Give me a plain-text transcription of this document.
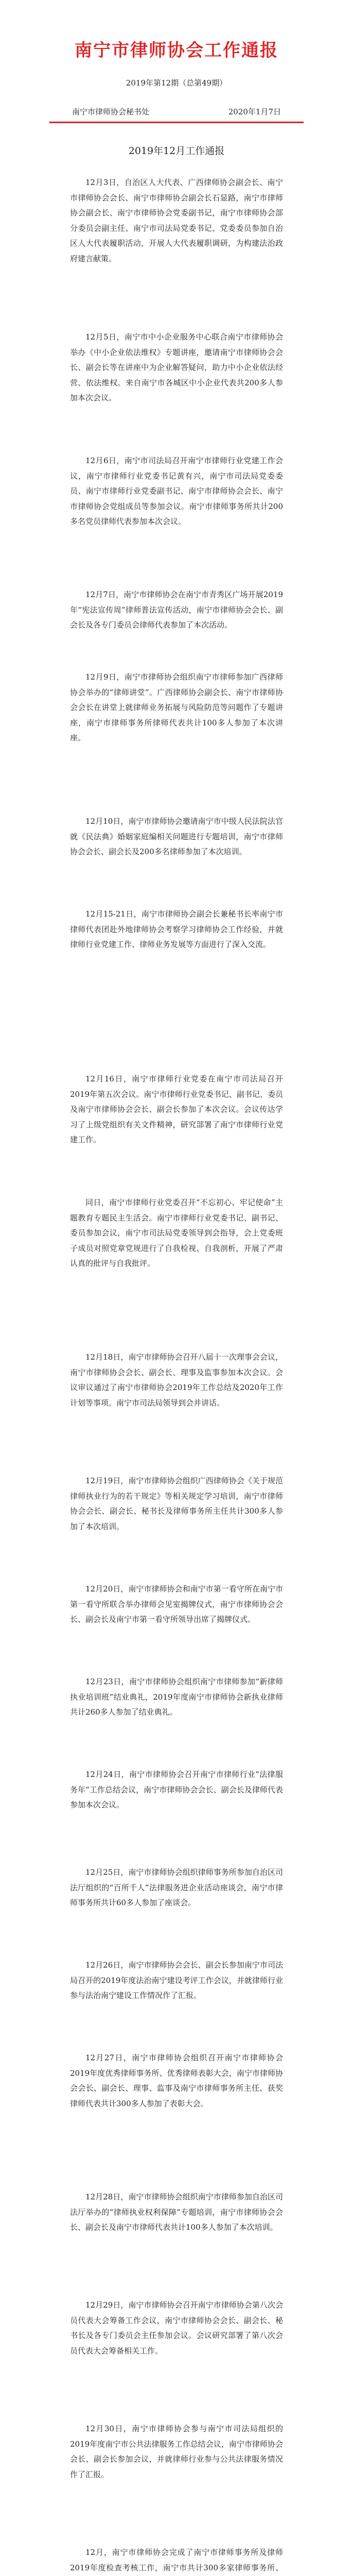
南宁市律师协会工作通报
2019年第12期（总第49期）
南宁市律师协会秘书处	2020年1月7日
2019年12月工作通报
12月3日，自治区人大代表、广西律师协会副会长、南宁市律师协会会长、南宁市律师协会副会长石显路，南宁市律师协会副会长、南宁市律师协会党委副书记，南宁市律师协会部分委员会副主任、南宁市司法局党委书记、党委委员参加自治区人大代表履职活动，开展人大代表履职调研，为构建法治政府建言献策。
12月5日，南宁市中小企业服务中心联合南宁市律师协会举办《中小企业依法维权》专题讲座，邀请南宁市律师协会会长、副会长等在讲座中为企业解答疑问，助力中小企业依法经营、依法维权。来自南宁市各城区中小企业代表共200多人参加本次会议。
12月6日，南宁市司法局召开南宁市律师行业党建工作会议，南宁市律师行业党委书记黄有兴，南宁市司法局党委委员、南宁市律师行业党委副书记、南宁市律师协会会长、南宁市律师协会党组成员等参加会议。南宁市律师事务所共计200多名党员律师代表参加本次会议。
12月7日，南宁市律师协会在南宁市青秀区广场开展2019年“宪法宣传周”律师普法宣传活动，南宁市律师协会会长、副会长及各专门委员会律师代表参加了本次活动。
12月9日，南宁市律师协会组织南宁市律师参加广西律师协会举办的“律师讲堂”。广西律师协会副会长、南宁市律师协会会长在讲堂上就律师业务拓展与风险防范等问题作了专题讲座，南宁市律师事务所律师代表共计100多人参加了本次讲座。
12月10日，南宁市律师协会邀请南宁市中级人民法院法官就《民法典》婚姻家庭编相关问题进行专题培训，南宁市律师协会会长、副会长及200多名律师参加了本次培训。
12月15-21日，南宁市律师协会副会长兼秘书长率南宁市律师代表团赴外地律师协会考察学习律师协会工作经验，并就律师行业党建工作、律师业务发展等方面进行了深入交流。
12月16日，南宁市律师行业党委在南宁市司法局召开2019年第五次会议。南宁市律师行业党委书记、副书记、委员及南宁市律师协会会长、副会长参加了本次会议。会议传达学习了上级党组织有关文件精神，研究部署了南宁市律师行业党建工作。
同日，南宁市律师行业党委召开“不忘初心、牢记使命”主题教育专题民主生活会。南宁市律师行业党委书记、副书记、委员参加会议，南宁市司法局党委领导到会指导，会上党委班子成员对照党章党规进行了自我检视、自我剖析，开展了严肃认真的批评与自我批评。
12月18日，南宁市律师协会召开八届十一次理事会会议，南宁市律师协会会长、副会长、理事及监事参加本次会议。会议审议通过了南宁市律师协会2019年工作总结及2020年工作计划等事项。南宁市司法局领导到会并讲话。
12月19日，南宁市律师协会组织广西律师协会《关于规范律师执业行为的若干规定》等相关规定学习培训，南宁市律师协会会长、副会长、秘书长及律师事务所主任共计300多人参加了本次培训。
12月20日，南宁市律师协会和南宁市第一看守所在南宁市第一看守所联合举办律师会见室揭牌仪式，南宁市律师协会会长、副会长及南宁市第一看守所领导出席了揭牌仪式。
12月23日，南宁市律师协会组织南宁市律师参加“新律师执业培训班”结业典礼，2019年度南宁市律师协会新执业律师共计260多人参加了结业典礼。
12月24日，南宁市律师协会召开南宁市律师行业“法律服务年”工作总结会议，南宁市律师协会会长、副会长及律师代表参加本次会议。
12月25日，南宁市律师协会组织律师事务所参加自治区司法厅组织的“百所千人”法律服务进企业活动座谈会，南宁市律师事务所共计60多人参加了座谈会。
12月26日，南宁市律师协会会长、副会长参加南宁市司法局召开的2019年度法治南宁建设考评工作会议，并就律师行业参与法治南宁建设工作情况作了汇报。
12月27日，南宁市律师协会组织召开南宁市律师协会2019年度优秀律师事务所、优秀律师表彰大会，南宁市律师协会会长、副会长、理事、监事及南宁市律师事务所主任、获奖律师代表共计300多人参加了表彰大会。
12月28日，南宁市律师协会组织南宁市律师参加自治区司法厅举办的“律师执业权利保障”专题培训，南宁市律师协会会长、副会长及南宁市律师代表共计100多人参加了本次培训。
12月29日，南宁市律师协会召开南宁市律师协会第八次会员代表大会筹备工作会议，南宁市律师协会会长、副会长、秘书长及各专门委员会主任参加会议。会议研究部署了第八次会员代表大会筹备相关工作。
12月30日，南宁市律师协会参与南宁市司法局组织的2019年度南宁市公共法律服务工作总结会议，南宁市律师协会会长、副会长参加会议，并就律师行业参与公共法律服务情况作了汇报。
12月，南宁市律师协会完成了南宁市律师事务所及律师2019年度检查考核工作，南宁市共计300多家律师事务所、
